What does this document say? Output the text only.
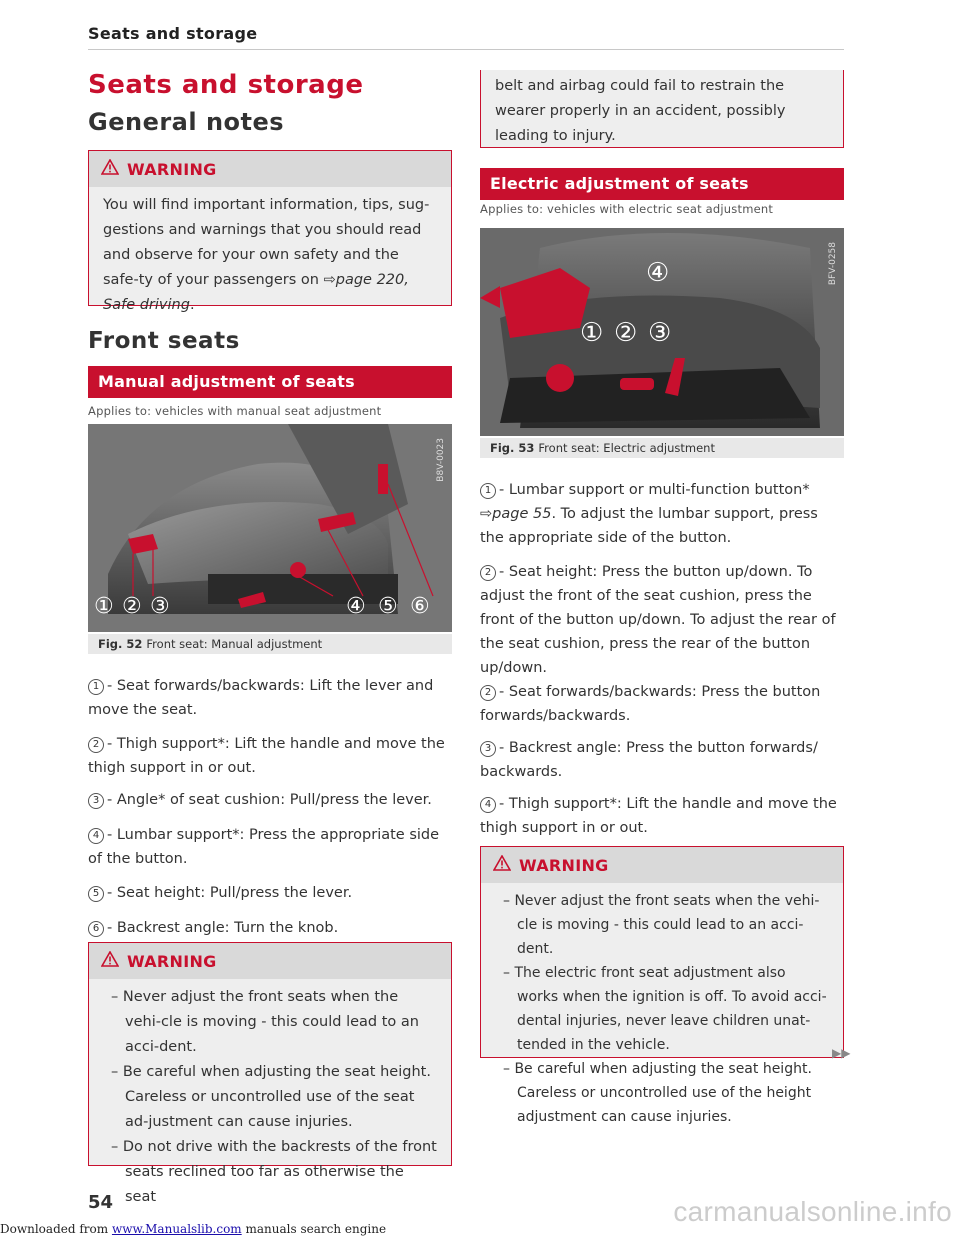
Seats and storage
Seats and storage
General notes
WARNING
You will find important information, tips, sug-gestions and warnings that you should read and observe for your own safety and the safe-ty of your passengers on ⇨page 220, Safe driving.
Front seats
Manual adjustment of seats
Applies to: vehicles with manual seat adjustment
① ② ③	④ ⑤ ⑥
B8V-0023
Fig. 52 Front seat: Manual adjustment
1 - Seat forwards/backwards: Lift the lever and move the seat.
2 - Thigh support*: Lift the handle and move the thigh support in or out.
3 - Angle* of seat cushion: Pull/press the lever.
4 - Lumbar support*: Press the appropriate side of the button.
5 - Seat height: Pull/press the lever.
6 - Backrest angle: Turn the knob.
WARNING
– Never adjust the front seats when the vehi-cle is moving - this could lead to an acci-dent.
– Be careful when adjusting the seat height. Careless or uncontrolled use of the seat ad-justment can cause injuries.
– Do not drive with the backrests of the front seats reclined too far as otherwise the seat
belt and airbag could fail to restrain the wearer properly in an accident, possibly leading to injury.
Electric adjustment of seats
Applies to: vehicles with electric seat adjustment
① ② ③
④	BFV-0258
Fig. 53 Front seat: Electric adjustment
1 - Lumbar support or multi-function button* ⇨page 55. To adjust the lumbar support, press the appropriate side of the button.
2 - Seat height: Press the button up/down. To adjust the front of the seat cushion, press the front of the button up/down. To adjust the rear of the seat cushion, press the rear of the button up/down.
2 - Seat forwards/backwards: Press the button forwards/backwards.
3 - Backrest angle: Press the button forwards/ backwards.
4 - Thigh support*: Lift the handle and move the thigh support in or out.
WARNING
– Never adjust the front seats when the vehi-cle is moving - this could lead to an acci-dent.
– The electric front seat adjustment also works when the ignition is off. To avoid acci-dental injuries, never leave children unat-tended in the vehicle.
– Be careful when adjusting the seat height. Careless or uncontrolled use of the height adjustment can cause injuries.
▶▶
54
Downloaded from www.Manualslib.com manuals search engine
carmanualsonline.info
